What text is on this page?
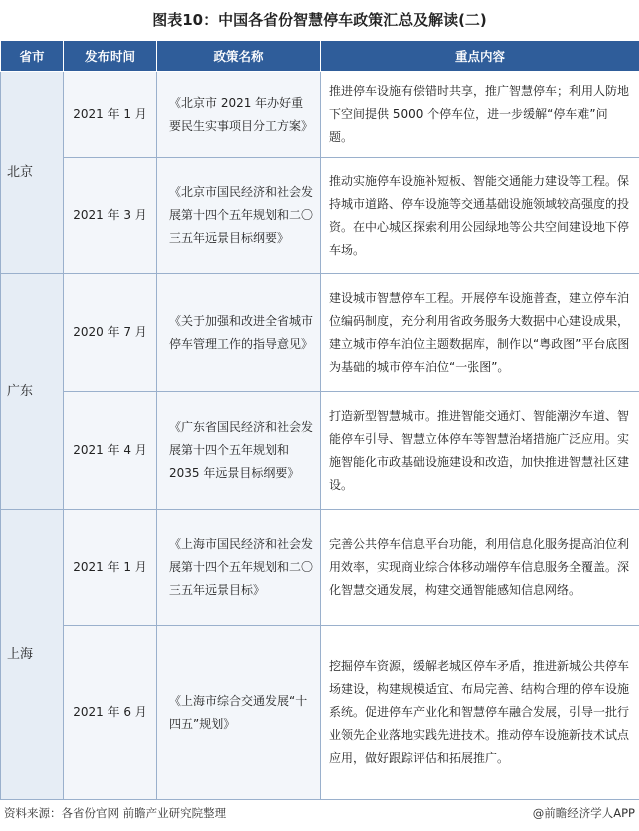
图表10：中国各省份智慧停车政策汇总及解读(二)
省市	发布时间	政策名称	重点内容
北京	2021 年 1 月	《北京市 2021 年办好重要民生实事项目分工方案》	推进停车设施有偿错时共享，推广智慧停车；利用人防地下空间提供 5000 个停车位，进一步缓解“停车难”问题。
	2021 年 3 月	《北京市国民经济和社会发展第十四个五年规划和二〇三五年远景目标纲要》	推动实施停车设施补短板、智能交通能力建设等工程。保持城市道路、停车设施等交通基础设施领域较高强度的投资。在中心城区探索利用公园绿地等公共空间建设地下停车场。
广东	2020 年 7 月	《关于加强和改进全省城市停车管理工作的指导意见》	建设城市智慧停车工程。开展停车设施普查，建立停车泊位编码制度，充分利用省政务服务大数据中心建设成果，建立城市停车泊位主题数据库，制作以“粤政图”平台底图为基础的城市停车泊位“一张图”。
	2021 年 4 月	《广东省国民经济和社会发展第十四个五年规划和2035 年远景目标纲要》	打造新型智慧城市。推进智能交通灯、智能潮汐车道、智能停车引导、智慧立体停车等智慧治堵措施广泛应用。实施智能化市政基础设施建设和改造，加快推进智慧社区建设。
上海	2021 年 1 月	《上海市国民经济和社会发展第十四个五年规划和二〇三五年远景目标》	完善公共停车信息平台功能，利用信息化服务提高泊位利用效率，实现商业综合体移动端停车信息服务全覆盖。深化智慧交通发展，构建交通智能感知信息网络。
	2021 年 6 月	《上海市综合交通发展“十四五”规划》	挖掘停车资源，缓解老城区停车矛盾，推进新城公共停车场建设，构建规模适宜、布局完善、结构合理的停车设施系统。促进停车产业化和智慧停车融合发展，引导一批行业领先企业落地实践先进技术。推动停车设施新技术试点应用，做好跟踪评估和拓展推广。
资料来源：各省份官网 前瞻产业研究院整理	@前瞻经济学人APP
